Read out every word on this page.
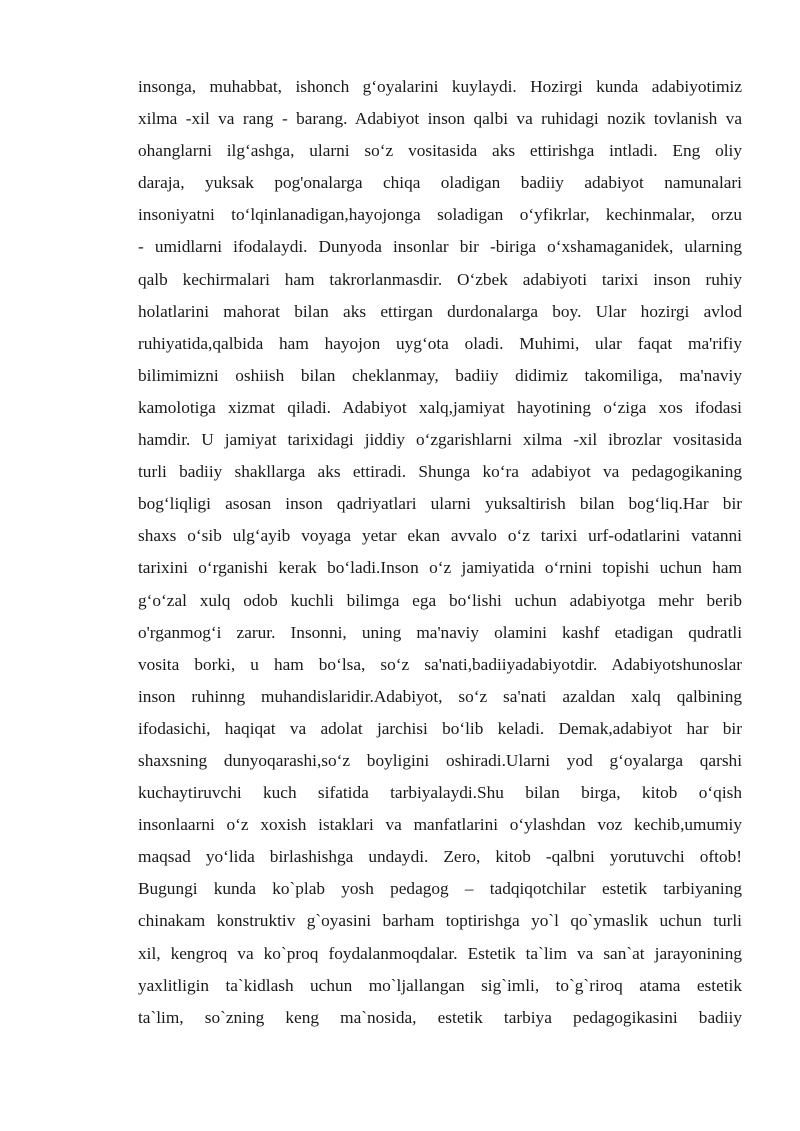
insonga, muhabbat, ishonch g‘oyalarini kuylaydi. Hozirgi kunda adabiyotimiz
xilma -xil va rang - barang. Adabiyot inson qalbi va ruhidagi nozik tovlanish va
ohanglarni ilg‘ashga, ularni so‘z vositasida aks ettirishga intladi. Eng oliy
daraja, yuksak pog'onalarga chiqa oladigan badiiy adabiyot namunalari
insoniyatni to‘lqinlanadigan,hayojonga soladigan o‘yfikrlar, kechinmalar, orzu
- umidlarni ifodalaydi. Dunyoda insonlar bir -biriga o‘xshamaganidek, ularning
qalb kechirmalari ham takrorlanmasdir. O‘zbek adabiyoti tarixi inson ruhiy
holatlarini mahorat bilan aks ettirgan durdonalarga boy. Ular hozirgi avlod
ruhiyatida,qalbida ham hayojon uyg‘ota oladi. Muhimi, ular faqat ma'rifiy
bilimimizni oshiish bilan cheklanmay, badiiy didimiz takomiliga, ma'naviy
kamolotiga xizmat qiladi. Adabiyot xalq,jamiyat hayotining o‘ziga xos ifodasi
hamdir. U jamiyat tarixidagi jiddiy o‘zgarishlarni xilma -xil ibrozlar vositasida
turli badiiy shakllarga aks ettiradi. Shunga ko‘ra adabiyot va pedagogikaning
bog‘liqligi asosan inson qadriyatlari ularni yuksaltirish bilan bog‘liq.Har bir
shaxs o‘sib ulg‘ayib voyaga yetar ekan avvalo o‘z tarixi urf-odatlarini vatanni
tarixini o‘rganishi kerak bo‘ladi.Inson o‘z jamiyatida o‘rnini topishi uchun ham
g‘o‘zal xulq odob kuchli bilimga ega bo‘lishi uchun adabiyotga mehr berib
o'rganmog‘i zarur. Insonni, uning ma'naviy olamini kashf etadigan qudratli
vosita borki, u ham bo‘lsa, so‘z sa'nati,badiiyadabiyotdir. Adabiyotshunoslar
inson ruhinng muhandislaridir.Adabiyot, so‘z sa'nati azaldan xalq qalbining
ifodasichi, haqiqat va adolat jarchisi bo‘lib keladi. Demak,adabiyot har bir
shaxsning dunyoqarashi,so‘z boyligini oshiradi.Ularni yod g‘oyalarga qarshi
kuchaytiruvchi kuch sifatida tarbiyalaydi.Shu bilan birga, kitob o‘qish
insonlaarni o‘z xoxish istaklari va manfatlarini o‘ylashdan voz kechib,umumiy
maqsad yo‘lida birlashishga undaydi. Zero, kitob -qalbni yorutuvchi oftob!
Bugungi kunda ko`plab yosh pedagog – tadqiqotchilar estetik tarbiyaning
chinakam konstruktiv g`oyasini barham toptirishga yo`l qo`ymaslik uchun turli
xil, kengroq va ko`proq foydalanmoqdalar. Estetik ta`lim va san`at jarayonining
yaxlitligin ta`kidlash uchun mo`ljallangan sig`imli, to`g`riroq atama estetik
ta`lim, so`zning keng ma`nosida, estetik tarbiya pedagogikasini badiiy
